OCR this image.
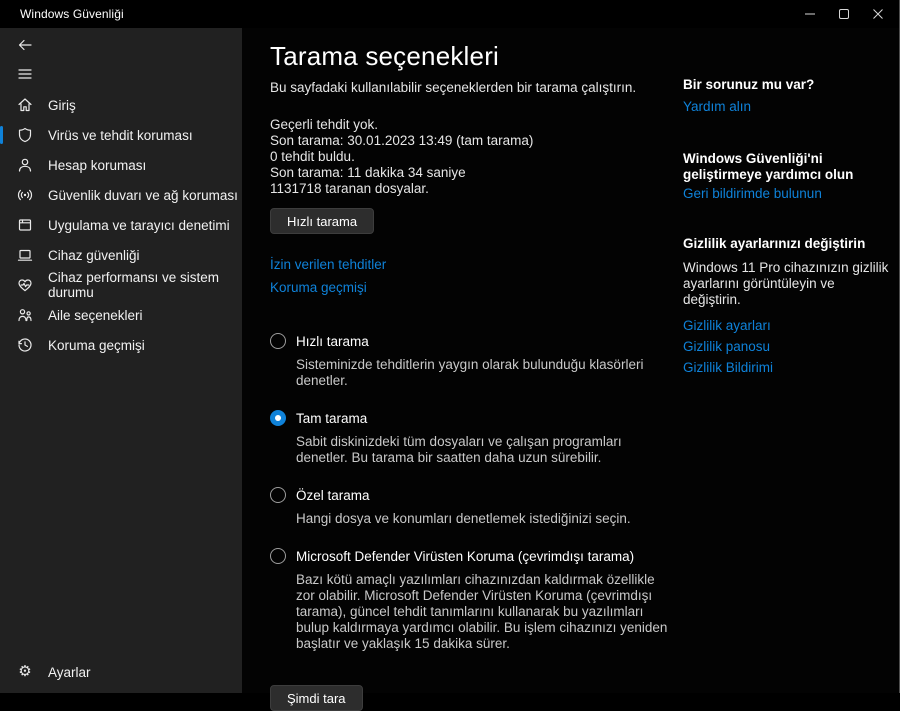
Windows Güvenliği
Giriş
Virüs ve tehdit koruması
Hesap koruması
Güvenlik duvarı ve ağ koruması
Uygulama ve tarayıcı denetimi
Cihaz güvenliği
Cihaz performansı ve sistem durumu
Aile seçenekleri
Koruma geçmişi
⚙ Ayarlar
Tarama seçenekleri
Bu sayfadaki kullanılabilir seçeneklerden bir tarama çalıştırın.
Geçerli tehdit yok.
Son tarama: 30.01.2023 13:49 (tam tarama)
0 tehdit buldu.
Son tarama: 11 dakika 34 saniye
1131718 taranan dosyalar.
Hızlı tarama
İzin verilen tehditler
Koruma geçmişi
Hızlı tarama
Sisteminizde tehditlerin yaygın olarak bulunduğu klasörleri denetler.
Tam tarama
Sabit diskinizdeki tüm dosyaları ve çalışan programları denetler. Bu tarama bir saatten daha uzun sürebilir.
Özel tarama
Hangi dosya ve konumları denetlemek istediğinizi seçin.
Microsoft Defender Virüsten Koruma (çevrimdışı tarama)
Bazı kötü amaçlı yazılımları cihazınızdan kaldırmak özellikle zor olabilir. Microsoft Defender Virüsten Koruma (çevrimdışı tarama), güncel tehdit tanımlarını kullanarak bu yazılımları bulup kaldırmaya yardımcı olabilir. Bu işlem cihazınızı yeniden başlatır ve yaklaşık 15 dakika sürer.
Şimdi tara
Bir sorunuz mu var?
Yardım alın
Windows Güvenliği'ni geliştirmeye yardımcı olun
Geri bildirimde bulunun
Gizlilik ayarlarınızı değiştirin
Windows 11 Pro cihazınızın gizlilik ayarlarını görüntüleyin ve değiştirin.
Gizlilik ayarları
Gizlilik panosu
Gizlilik Bildirimi
